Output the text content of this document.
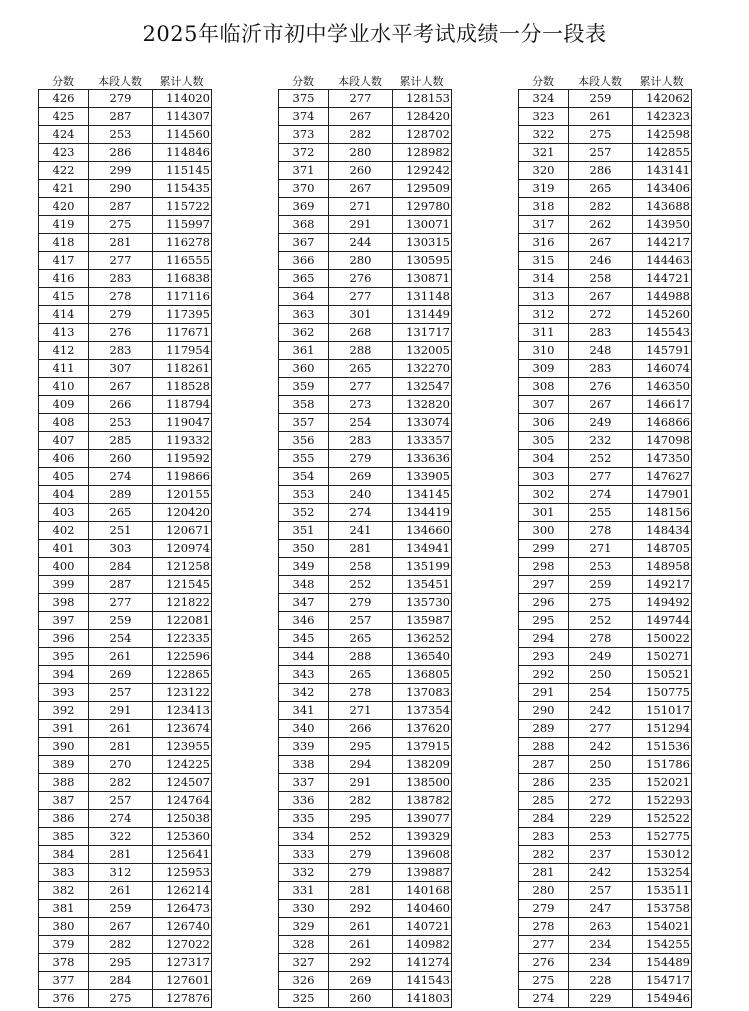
2025年临沂市初中学业水平考试成绩一分一段表
分数	本段人数	累计人数
426	279	114020
425	287	114307
424	253	114560
423	286	114846
422	299	115145
421	290	115435
420	287	115722
419	275	115997
418	281	116278
417	277	116555
416	283	116838
415	278	117116
414	279	117395
413	276	117671
412	283	117954
411	307	118261
410	267	118528
409	266	118794
408	253	119047
407	285	119332
406	260	119592
405	274	119866
404	289	120155
403	265	120420
402	251	120671
401	303	120974
400	284	121258
399	287	121545
398	277	121822
397	259	122081
396	254	122335
395	261	122596
394	269	122865
393	257	123122
392	291	123413
391	261	123674
390	281	123955
389	270	124225
388	282	124507
387	257	124764
386	274	125038
385	322	125360
384	281	125641
383	312	125953
382	261	126214
381	259	126473
380	267	126740
379	282	127022
378	295	127317
377	284	127601
376	275	127876
分数	本段人数	累计人数
375	277	128153
374	267	128420
373	282	128702
372	280	128982
371	260	129242
370	267	129509
369	271	129780
368	291	130071
367	244	130315
366	280	130595
365	276	130871
364	277	131148
363	301	131449
362	268	131717
361	288	132005
360	265	132270
359	277	132547
358	273	132820
357	254	133074
356	283	133357
355	279	133636
354	269	133905
353	240	134145
352	274	134419
351	241	134660
350	281	134941
349	258	135199
348	252	135451
347	279	135730
346	257	135987
345	265	136252
344	288	136540
343	265	136805
342	278	137083
341	271	137354
340	266	137620
339	295	137915
338	294	138209
337	291	138500
336	282	138782
335	295	139077
334	252	139329
333	279	139608
332	279	139887
331	281	140168
330	292	140460
329	261	140721
328	261	140982
327	292	141274
326	269	141543
325	260	141803
分数	本段人数	累计人数
324	259	142062
323	261	142323
322	275	142598
321	257	142855
320	286	143141
319	265	143406
318	282	143688
317	262	143950
316	267	144217
315	246	144463
314	258	144721
313	267	144988
312	272	145260
311	283	145543
310	248	145791
309	283	146074
308	276	146350
307	267	146617
306	249	146866
305	232	147098
304	252	147350
303	277	147627
302	274	147901
301	255	148156
300	278	148434
299	271	148705
298	253	148958
297	259	149217
296	275	149492
295	252	149744
294	278	150022
293	249	150271
292	250	150521
291	254	150775
290	242	151017
289	277	151294
288	242	151536
287	250	151786
286	235	152021
285	272	152293
284	229	152522
283	253	152775
282	237	153012
281	242	153254
280	257	153511
279	247	153758
278	263	154021
277	234	154255
276	234	154489
275	228	154717
274	229	154946
